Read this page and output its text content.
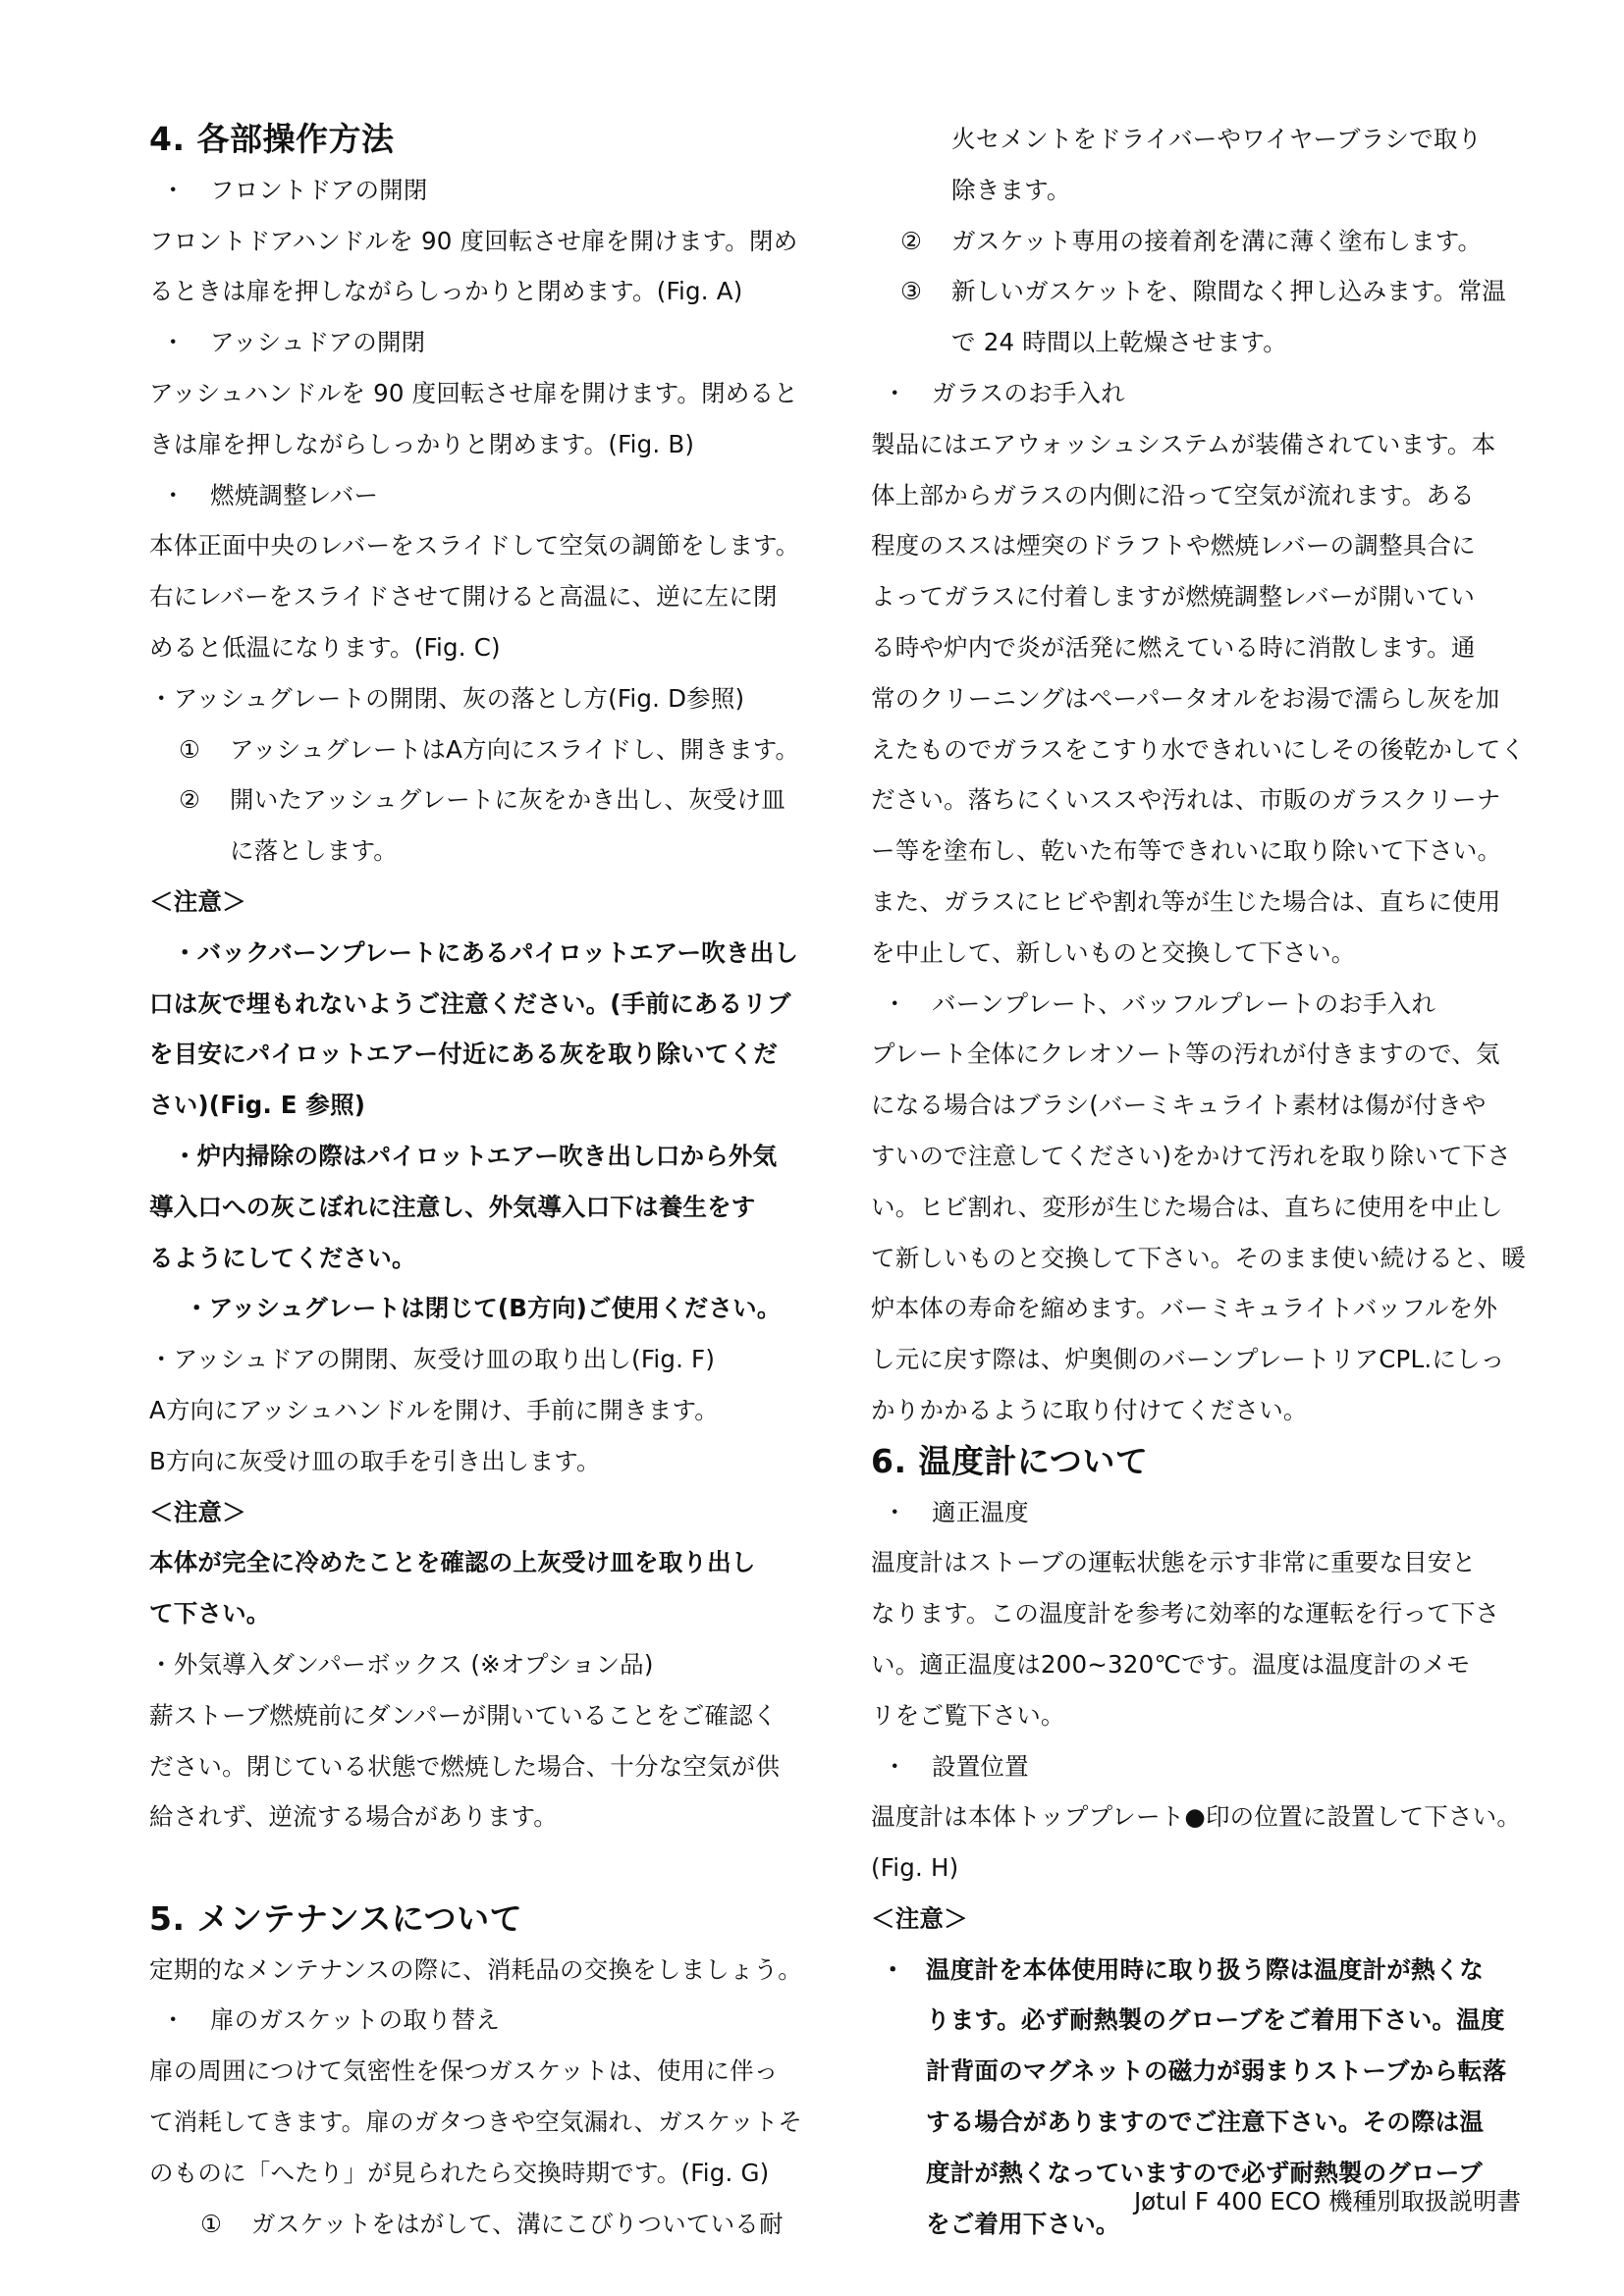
4. 各部操作方法
・ フロントドアの開閉
フロントドアハンドルを 90 度回転させ扉を開けます。閉め
るときは扉を押しながらしっかりと閉めます。(Fig. A)
・ アッシュドアの開閉
アッシュハンドルを 90 度回転させ扉を開けます。閉めると
きは扉を押しながらしっかりと閉めます。(Fig. B)
・ 燃焼調整レバー
本体正面中央のレバーをスライドして空気の調節をします。
右にレバーをスライドさせて開けると高温に、逆に左に閉
めると低温になります。(Fig. C)
・アッシュグレートの開閉、灰の落とし方(Fig. D参照)
① アッシュグレートはA方向にスライドし、開きます。
② 開いたアッシュグレートに灰をかき出し、灰受け皿
に落とします。
＜注意＞
・バックバーンプレートにあるパイロットエアー吹き出し
口は灰で埋もれないようご注意ください。(手前にあるリブ
を目安にパイロットエアー付近にある灰を取り除いてくだ
さい)(Fig. E 参照)
・炉内掃除の際はパイロットエアー吹き出し口から外気
導入口への灰こぼれに注意し、外気導入口下は養生をす
るようにしてください。
・アッシュグレートは閉じて(B方向)ご使用ください。
・アッシュドアの開閉、灰受け皿の取り出し(Fig. F)
A方向にアッシュハンドルを開け、手前に開きます。
B方向に灰受け皿の取手を引き出します。
＜注意＞
本体が完全に冷めたことを確認の上灰受け皿を取り出し
て下さい。
・外気導入ダンパーボックス (※オプション品)
薪ストーブ燃焼前にダンパーが開いていることをご確認く
ださい。閉じている状態で燃焼した場合、十分な空気が供
給されず、逆流する場合があります。
5. メンテナンスについて
定期的なメンテナンスの際に、消耗品の交換をしましょう。
・ 扉のガスケットの取り替え
扉の周囲につけて気密性を保つガスケットは、使用に伴っ
て消耗してきます。扉のガタつきや空気漏れ、ガスケットそ
のものに「へたり」が見られたら交換時期です。(Fig. G)
① ガスケットをはがして、溝にこびりついている耐
火セメントをドライバーやワイヤーブラシで取り
除きます。
② ガスケット専用の接着剤を溝に薄く塗布します。
③ 新しいガスケットを、隙間なく押し込みます。常温
で 24 時間以上乾燥させます。
・ ガラスのお手入れ
製品にはエアウォッシュシステムが装備されています。本
体上部からガラスの内側に沿って空気が流れます。ある
程度のススは煙突のドラフトや燃焼レバーの調整具合に
よってガラスに付着しますが燃焼調整レバーが開いてい
る時や炉内で炎が活発に燃えている時に消散します。通
常のクリーニングはペーパータオルをお湯で濡らし灰を加
えたものでガラスをこすり水できれいにしその後乾かしてく
ださい。落ちにくいススや汚れは、市販のガラスクリーナ
ー等を塗布し、乾いた布等できれいに取り除いて下さい。
また、ガラスにヒビや割れ等が生じた場合は、直ちに使用
を中止して、新しいものと交換して下さい。
・ バーンプレート、バッフルプレートのお手入れ
プレート全体にクレオソート等の汚れが付きますので、気
になる場合はブラシ(バーミキュライト素材は傷が付きや
すいので注意してください)をかけて汚れを取り除いて下さ
い。ヒビ割れ、変形が生じた場合は、直ちに使用を中止し
て新しいものと交換して下さい。そのまま使い続けると、暖
炉本体の寿命を縮めます。バーミキュライトバッフルを外
し元に戻す際は、炉奥側のバーンプレートリアCPL.にしっ
かりかかるように取り付けてください。
6. 温度計について
・ 適正温度
温度計はストーブの運転状態を示す非常に重要な目安と
なります。この温度計を参考に効率的な運転を行って下さ
い。適正温度は200~320℃です。温度は温度計のメモ
リをご覧下さい。
・ 設置位置
温度計は本体トッププレート●印の位置に設置して下さい。
(Fig. H)
＜注意＞
・ 温度計を本体使用時に取り扱う際は温度計が熱くな
ります。必ず耐熱製のグローブをご着用下さい。温度
計背面のマグネットの磁力が弱まりストーブから転落
する場合がありますのでご注意下さい。その際は温
度計が熱くなっていますので必ず耐熱製のグローブ
をご着用下さい。
Jøtul F 400 ECO 機種別取扱説明書
